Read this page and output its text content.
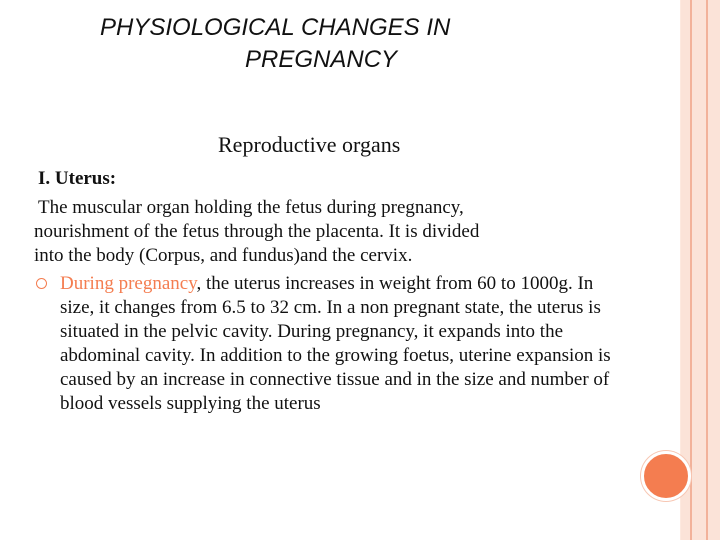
PHYSIOLOGICAL CHANGES IN
PREGNANCY
Reproductive organs
I. Uterus:
The muscular organ holding the fetus during pregnancy,
nourishment of the fetus through the placenta. It is divided
into the body (Corpus, and fundus)and the cervix.
During pregnancy, the uterus increases in weight from 60 to 1000g. In size, it changes from 6.5 to 32 cm. In a non pregnant state, the uterus is situated in the pelvic cavity. During pregnancy, it expands into the abdominal cavity. In addition to the growing foetus, uterine expansion is caused by an increase in connective tissue and in the size and number of blood vessels supplying the uterus
